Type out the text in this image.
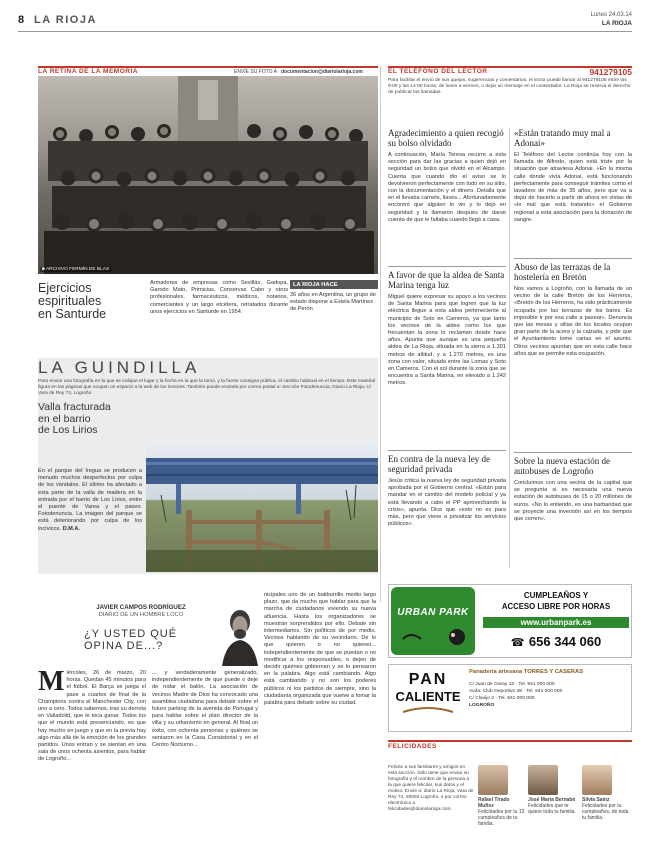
8 LA RIOJA	Lunes 24.03.14
LA RIOJA
LA RETINA DE LA MEMORIA	ENVÍE SU FOTO A documentacion@diariolarioja.com
■ ARCHIVO FERMÍN DE BLAS
Ejercicios
espirituales
en Santurde

Armadores de empresas como Sevillás, Gadopa, Garrido Mato, Primicias, Conservas Cabo y otros profesionales, farmacéuticos, médicos, notarios, comerciantes y un largo etcétera, retratados durante unos ejercicios en Santurde en 1954.

LA RIOJA HACE

36 años en Argentina, un grupo de estado dispone a Estela Martínez de Perón

LA GUINDILLA

Para enviar una fotografía en la que se indique el lugar y la fecha en la que la tomó, y la fuerte consigna pública, el cambio habitual en el tiempo. Este material figura en las páginas que ocupan un espacio a la web de los lectores. También puede enviarla por correo postal a: Sección Fotodenuncia, Diario La Rioja, C/ Vara de Rey 74, Logroño.

Valla fracturada
en el barrio
de Los Lirios

En el parque del Iregua se producen a menudo muchos desperfectos por culpa de los vándalos. El último ha afectado a esta parte de la valla de madera en la entrada por el barrio de Los Lirios, entre el puente de Varea y el paseo. Fotodenuncia. La imagen del parque se está deteriorando por culpa de los incívicos. D.M.A.

JAVIER CAMPOS RODRÍGUEZ
DIARIO DE UN HOMBRE LOCO
¿Y USTED QUÉ OPINA DE...?
M iércoles, 26 de marzo, 20 horas. Quedan 45 minutos para el fútbol. El Barça se juega el pase a cuartos de final de la Champions contra el Manchester City, con uno a cero. Todos sabemos, tras su derrota en Valladolid, que le toca ganar. Todos los que el mundo está presenciando, es que hay mucho en juego y que en la previa hay algo más allá de la emoción de los grandes partidos. Unos entran y se sientan en una sala de unos ochenta asientos, para hablar de Logroño...

... y verdaderamente generalizado, independientemente de que puede o deje de rodar el balón. La asociación de vecinos Madre de Dios ha convocado una asamblea ciudadana para debatir sobre el futuro parking de la avenida de Portugal y para hablar sobre el plan director de la villa y su urbanismo en general. Al final un éxito, con ochenta personas y quiénes se sentaron en la Casa Consistorial y en el Centro Nocturno...

nicipales uno de un batiburrillo medio largo plazo, que da mucho que hablar para que la marcha de ciudadanos viviendo su nueva afluencia. Hasta los organizadores se muestran sorprendidos por ello. Debate sin intermediarios. Sin políticos de por medio. Vecinos hablando de su vecindario. De lo que quieren o no quieren... independientemente de que se puedan o no modificar a los responsables, o dejen de decidir quiénes gobiernan y se lo pensaron en la palabra. Algo está cambiando. Algo está cambiando y no son los poderes públicos ni los partidos de siempre, sino la ciudadanía organizada que vuelve a tomar la palabra para debatir sobre su ciudad.

EL TELÉFONO DEL LECTOR	941279105

Para facilitar el envío de sus quejas, sugerencias y comentarios, el lector puede llamar al 941279105 entre las 9:00 y las 14:00 horas, de lunes a viernes, o dejar un mensaje en el contestador. La Rioja se reserva el derecho de publicar las llamadas.

Agradecimiento a quien recogió su bolso olvidado

A continuación, María Teresa recurre a esta sección para dar las gracias a quien dejó en seguridad un bolso que olvidó en el Alcampo. Cuenta que cuando dio el aviso se lo devolvieron perfectamente con todo en su sitio, con la documentación y el dinero. Detalla que en el llevaba carnets, llaves... Afortunadamente encontró que alguien lo vio y lo dejó en seguridad y la llamaron después de darse cuenta de que le faltaba cuando llegó a casa.

«Están tratando muy mal a Adonai»

El Teléfono del Lector continúa hoy con la llamada de Alfredo, quien está triste por la situación que atraviesa Adonai. «En la misma calle donde vivía Adonai, está funcionando perfectamente para conseguir trámites como el lavadero de más de 35 años, pero que va a dejar de hacerlo a partir de ahora en vistas de «lo mal que está tratando» el Gobierno regional a esta asociación para la donación de sangre.

A favor de que la aldea de Santa Marina tenga luz

Miguel quiere expresar su apoyo a los vecinos de Santa Marina para que logren que la luz eléctrica llegue a esta aldea perteneciente al municipio de Soto en Cameros, ya que tanto los vecinos de la aldea como los que frecuentan la zona lo reclaman desde hace años. Apunta que aunque es una pequeña aldea de La Rioja, situada en la sierra a 1.301 metros de altitud, y a 1.270 metros, es una zona con valor, situada entre las Lomas y Soto en Cameros. Con el sol durante la zona que se encuentra a Santa Marina, en elevado a 1.242 metros.

En contra de la nueva ley de seguridad privada

Jesús critica la nueva ley de seguridad privada aprobada por el Gobierno central. «Están para mandar en el cambio del modelo policial y ya está llevando a cabo el PP aprovechando la crisis», apunta. Dice que «esto no es para más, pero que viene a privatizar los servicios públicos».

Abuso de las terrazas de la hostelería en Bretón

Nos vamos a Logroño, con la llamada de un vecino de la calle Bretón de los Herreros, «Bretón de los Herreros, ha sido prácticamente ocupada por las terrazas de los bares. Es imposible ir por esa calle a pasear». Denuncia que las mesas y sillas de los locales ocupan gran parte de la acera y la calzada, y pide que el Ayuntamiento tome cartas en el asunto. Otros vecinos apuntan que en esta calle hace años que se permite esta ocupación.

Sobre la nueva estación de autobuses de Logroño

Concluimos con una vecina de la capital que se pregunta si es necesaria una nueva estación de autobuses de 15 o 20 millones de euros. «No lo entiendo, es una barbaridad que se proyecte una inversión así en los tiempos que corren».

URBAN PARK
CUMPLEAÑOS Y
ACCESO LIBRE POR HORAS
www.urbanpark.es
☎ 656 344 060
PAN
CALIENTE
Panadería artesana TORRES Y CASERAS
C/ Juan de Garay 13 · Tel. 941 000 000
Avda. Club Deportivo 38 · Tel. 941 000 000
C/ Clavijo 2 · Tel. 941 000 000
LOGROÑO
FELICIDADES

Felicite a sus familiares y amigos en esta sección. Sólo tiene que enviar su fotografía y el nombre de la persona a la que quiere felicitar, sus datos y el motivo. Envíe a: diario La Rioja, Vara de Rey 74, 26002 Logroño, o por correo electrónico a felicidades@diariolarioja.com.

Rafael Tirado Muñoz
Felicidades por tu 13 cumpleaños de tu familia.
José María Bernabé
Felicidades que te quiere toda tu familia.
Silvia Sainz
Felicidades por tu cumpleaños, de toda tu familia.
